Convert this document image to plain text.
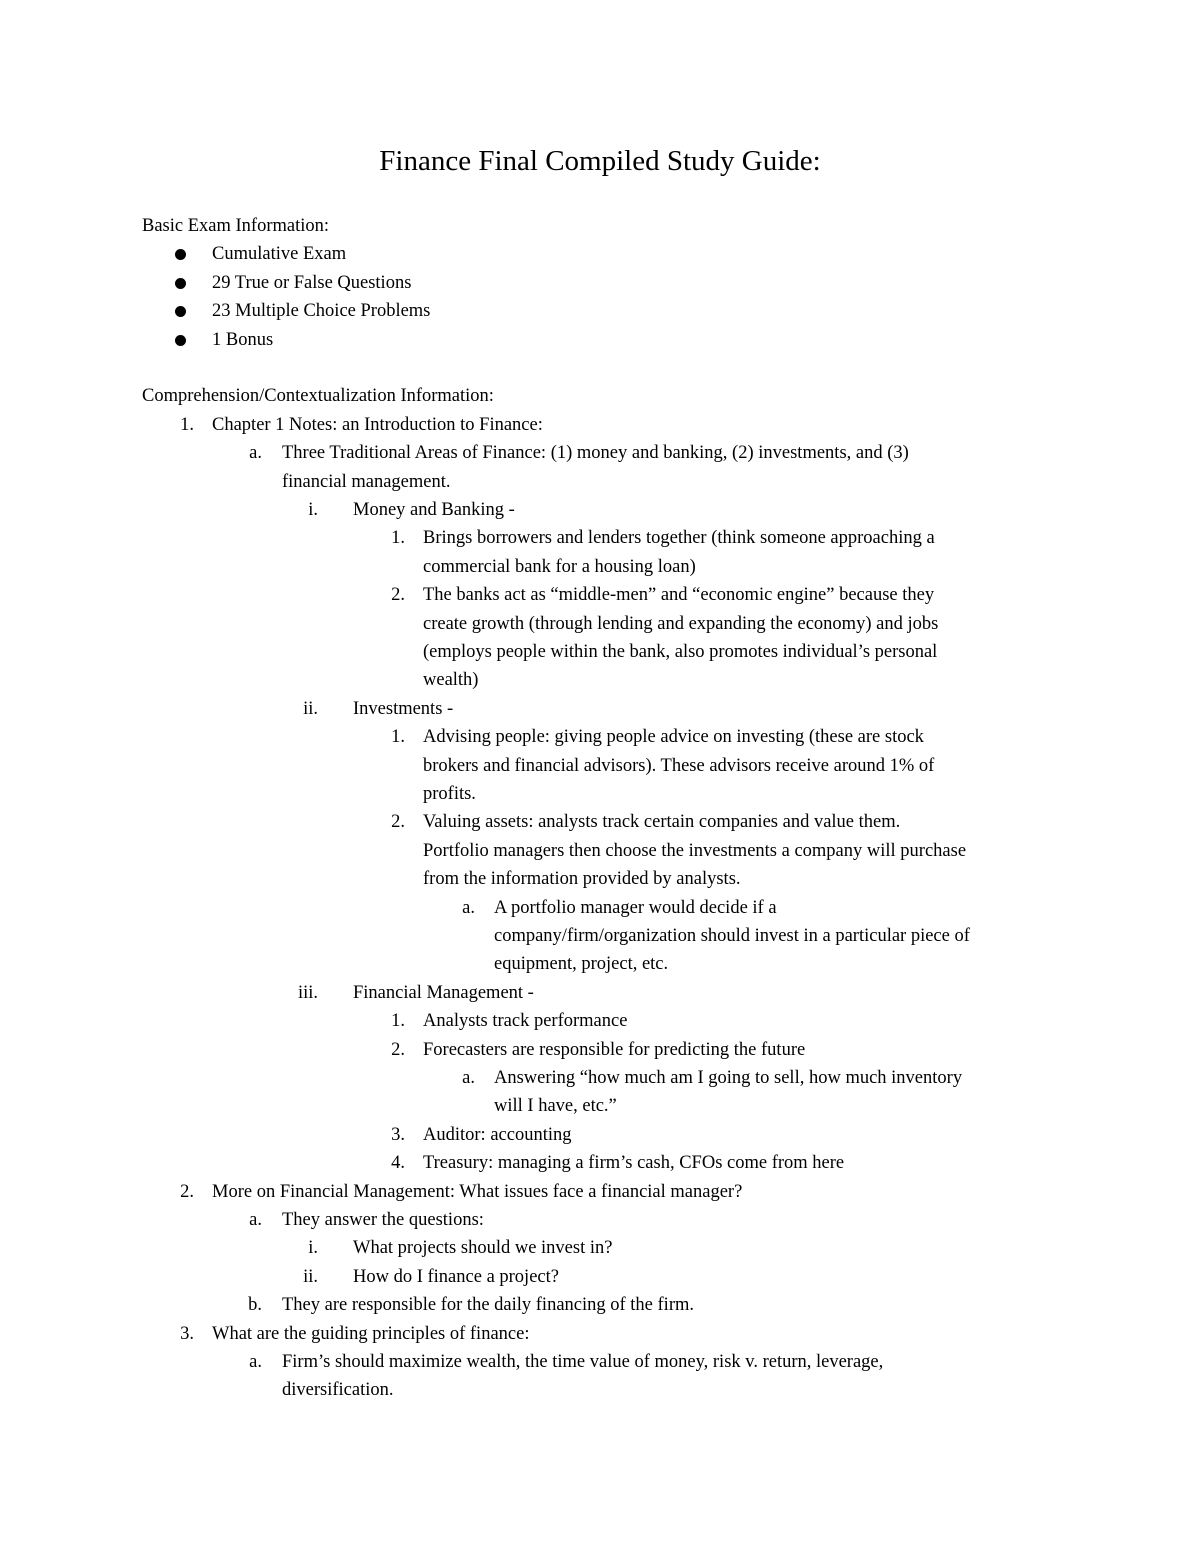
Finance Final Compiled Study Guide:
Basic Exam Information:
Cumulative Exam
29 True or False Questions
23 Multiple Choice Problems
1 Bonus
Comprehension/Contextualization Information:
1. Chapter 1 Notes: an Introduction to Finance:
a. Three Traditional Areas of Finance: (1) money and banking, (2) investments, and (3)
financial management.
i. Money and Banking -
1. Brings borrowers and lenders together (think someone approaching a
commercial bank for a housing loan)
2. The banks act as “middle-men” and “economic engine” because they
create growth (through lending and expanding the economy) and jobs
(employs people within the bank, also promotes individual’s personal
wealth)
ii. Investments -
1. Advising people: giving people advice on investing (these are stock
brokers and financial advisors). These advisors receive around 1% of
profits.
2. Valuing assets: analysts track certain companies and value them.
Portfolio managers then choose the investments a company will purchase
from the information provided by analysts.
a. A portfolio manager would decide if a
company/firm/organization should invest in a particular piece of
equipment, project, etc.
iii. Financial Management -
1. Analysts track performance
2. Forecasters are responsible for predicting the future
a. Answering “how much am I going to sell, how much inventory
will I have, etc.”
3. Auditor: accounting
4. Treasury: managing a firm’s cash, CFOs come from here
2. More on Financial Management: What issues face a financial manager?
a. They answer the questions:
i. What projects should we invest in?
ii. How do I finance a project?
b. They are responsible for the daily financing of the firm.
3. What are the guiding principles of finance:
a. Firm’s should maximize wealth, the time value of money, risk v. return, leverage,
diversification.
